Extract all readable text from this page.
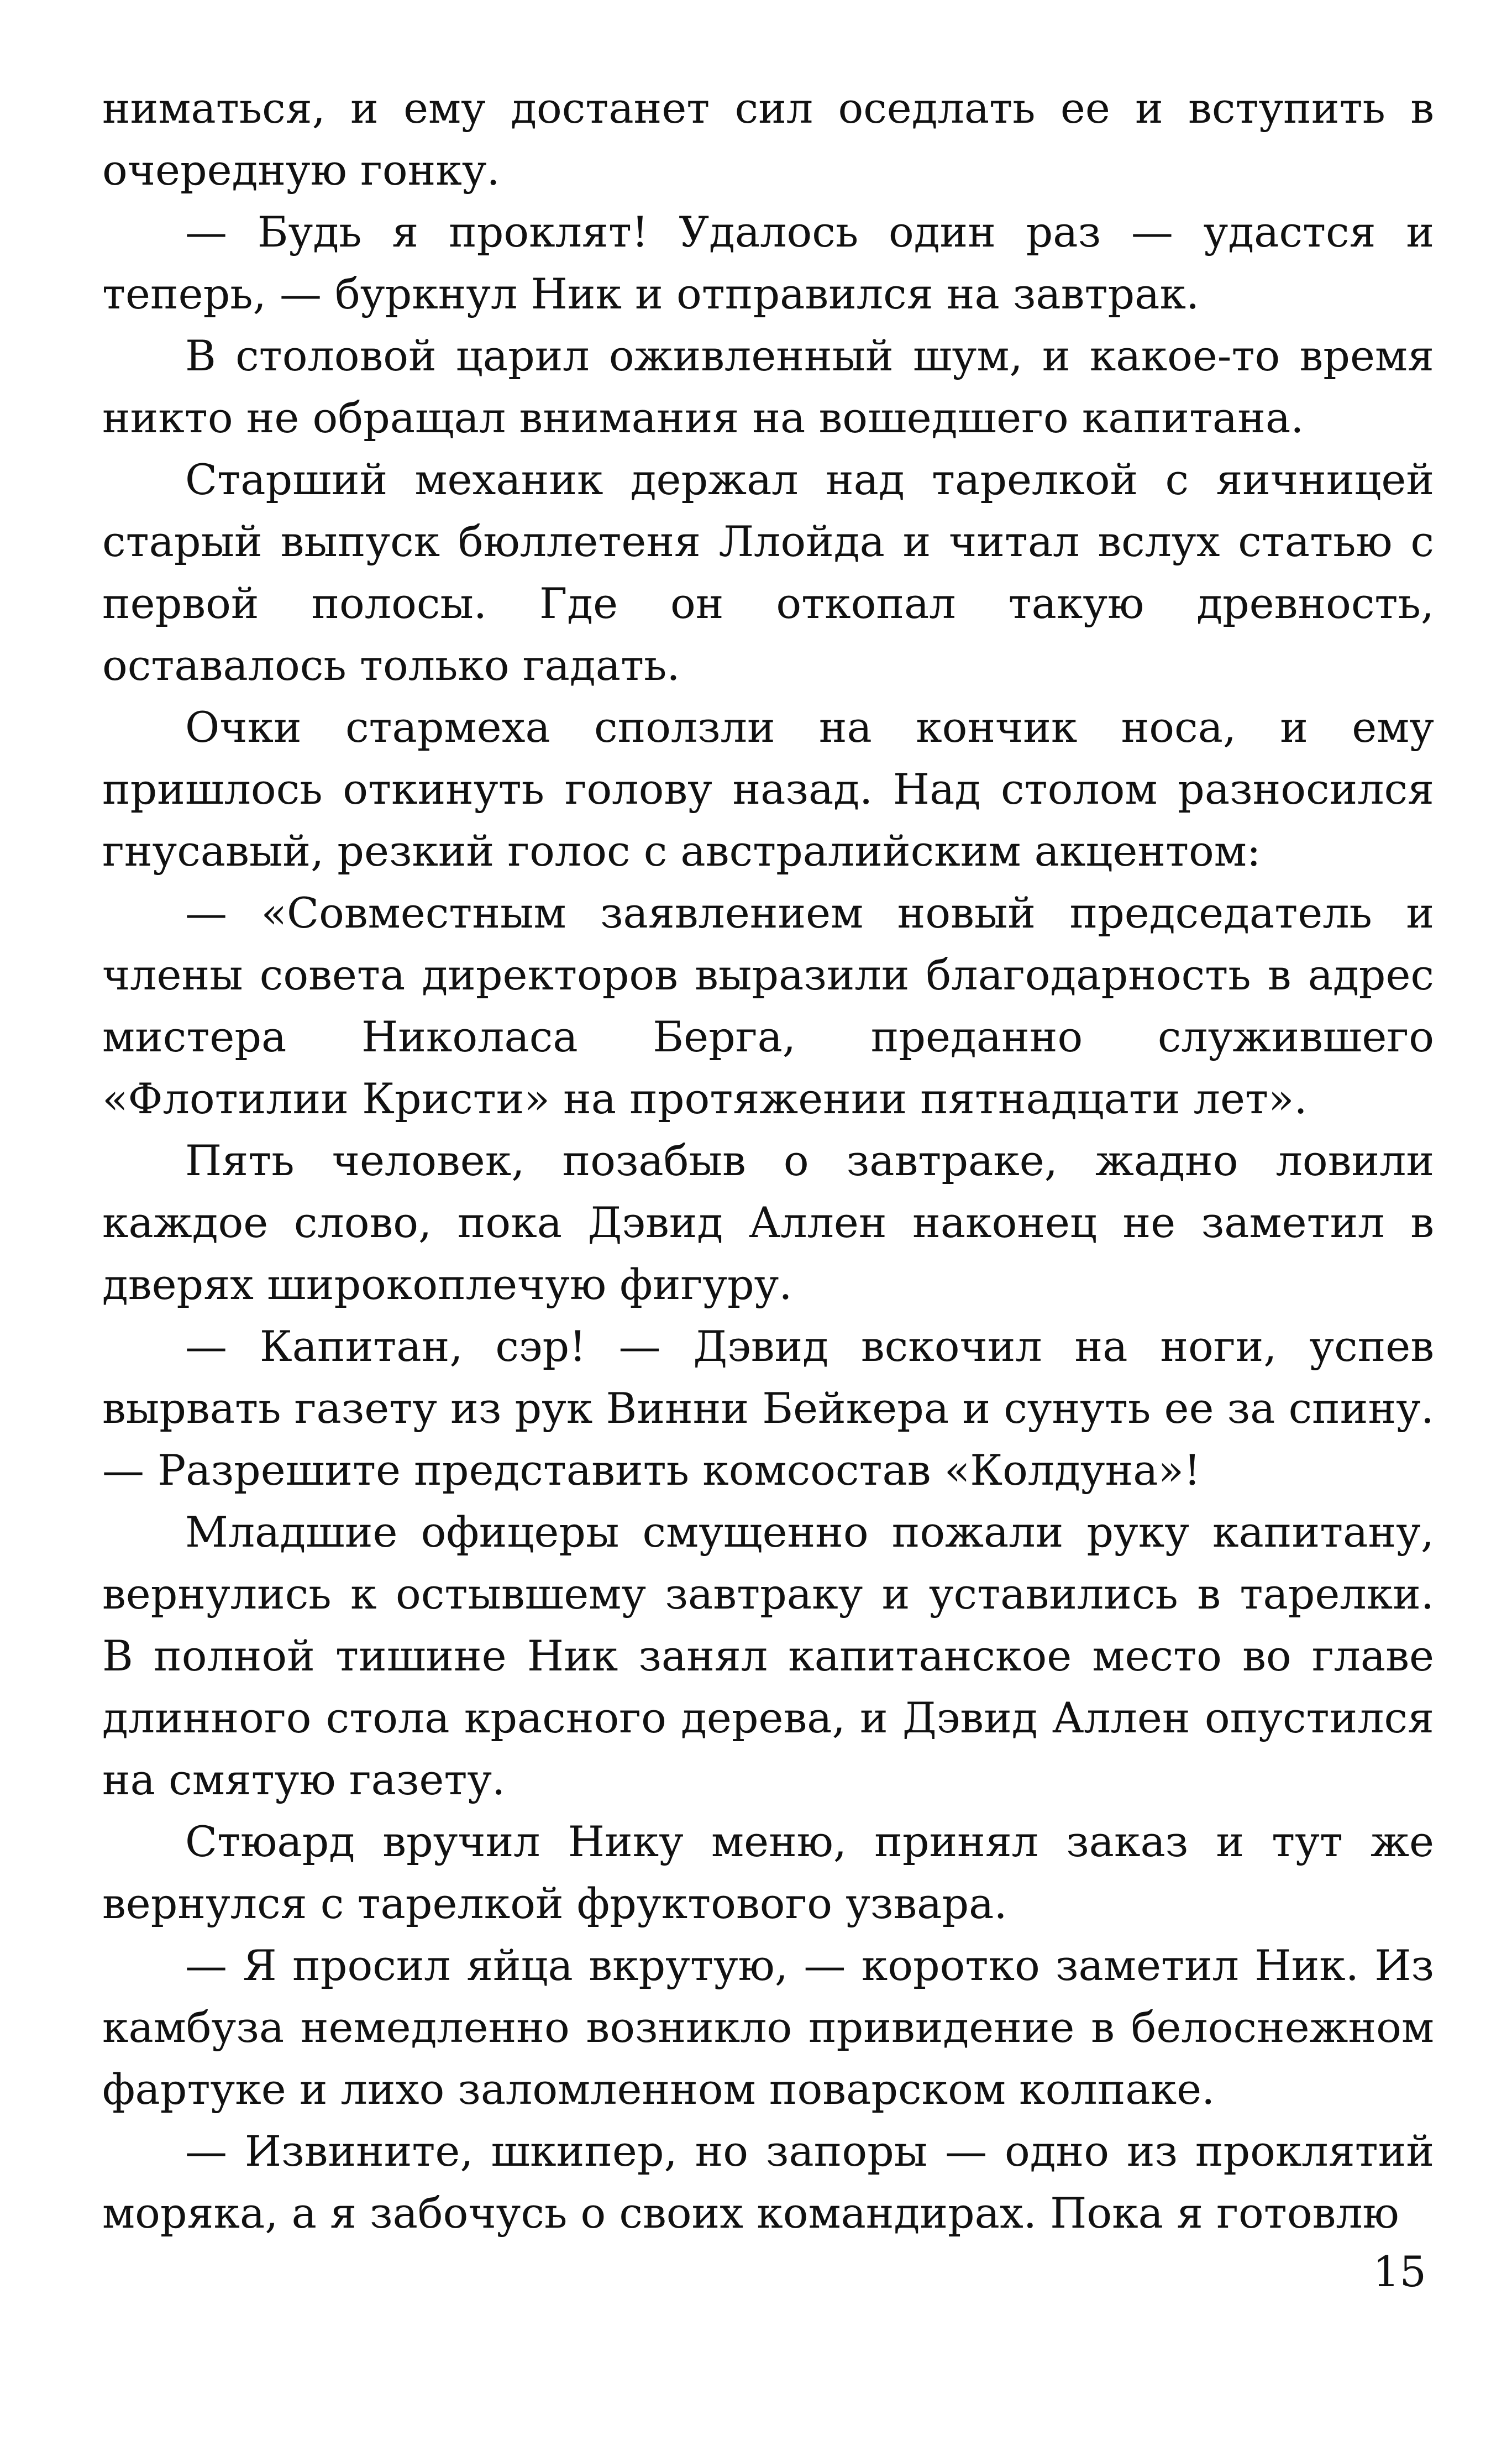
ниматься, и ему достанет сил оседлать ее и вступить в очередную гонку.

— Будь я проклят! Удалось один раз — удастся и теперь, — буркнул Ник и отправился на завтрак.

В столовой царил оживленный шум, и какое-то время никто не обращал внимания на вошедшего капитана.

Старший механик держал над тарелкой с яичницей старый выпуск бюллетеня Ллойда и читал вслух статью с первой полосы. Где он откопал такую древность, оставалось только гадать.

Очки стармеха сползли на кончик носа, и ему пришлось откинуть голову назад. Над столом разносился гнусавый, резкий голос с австралийским акцентом:

— «Совместным заявлением новый председатель и члены совета директоров выразили благодарность в адрес мистера Николаса Берга, преданно служившего «Флотилии Кристи» на протяжении пятнадцати лет».

Пять человек, позабыв о завтраке, жадно ловили каждое слово, пока Дэвид Аллен наконец не заметил в дверях широкоплечую фигуру.

— Капитан, сэр! — Дэвид вскочил на ноги, успев вырвать газету из рук Винни Бейкера и сунуть ее за спину. — Разрешите представить комсостав «Колдуна»!

Младшие офицеры смущенно пожали руку капитану, вернулись к остывшему завтраку и уставились в тарелки. В полной тишине Ник занял капитанское место во главе длинного стола красного дерева, и Дэвид Аллен опустился на смятую газету.

Стюард вручил Нику меню, принял заказ и тут же вернулся с тарелкой фруктового узвара.

— Я просил яйца вкрутую, — коротко заметил Ник. Из камбуза немедленно возникло привидение в белоснежном фартуке и лихо заломленном поварском колпаке.

— Извините, шкипер, но запоры — одно из проклятий моряка, а я забочусь о своих командирах. Пока я готовлю

15
